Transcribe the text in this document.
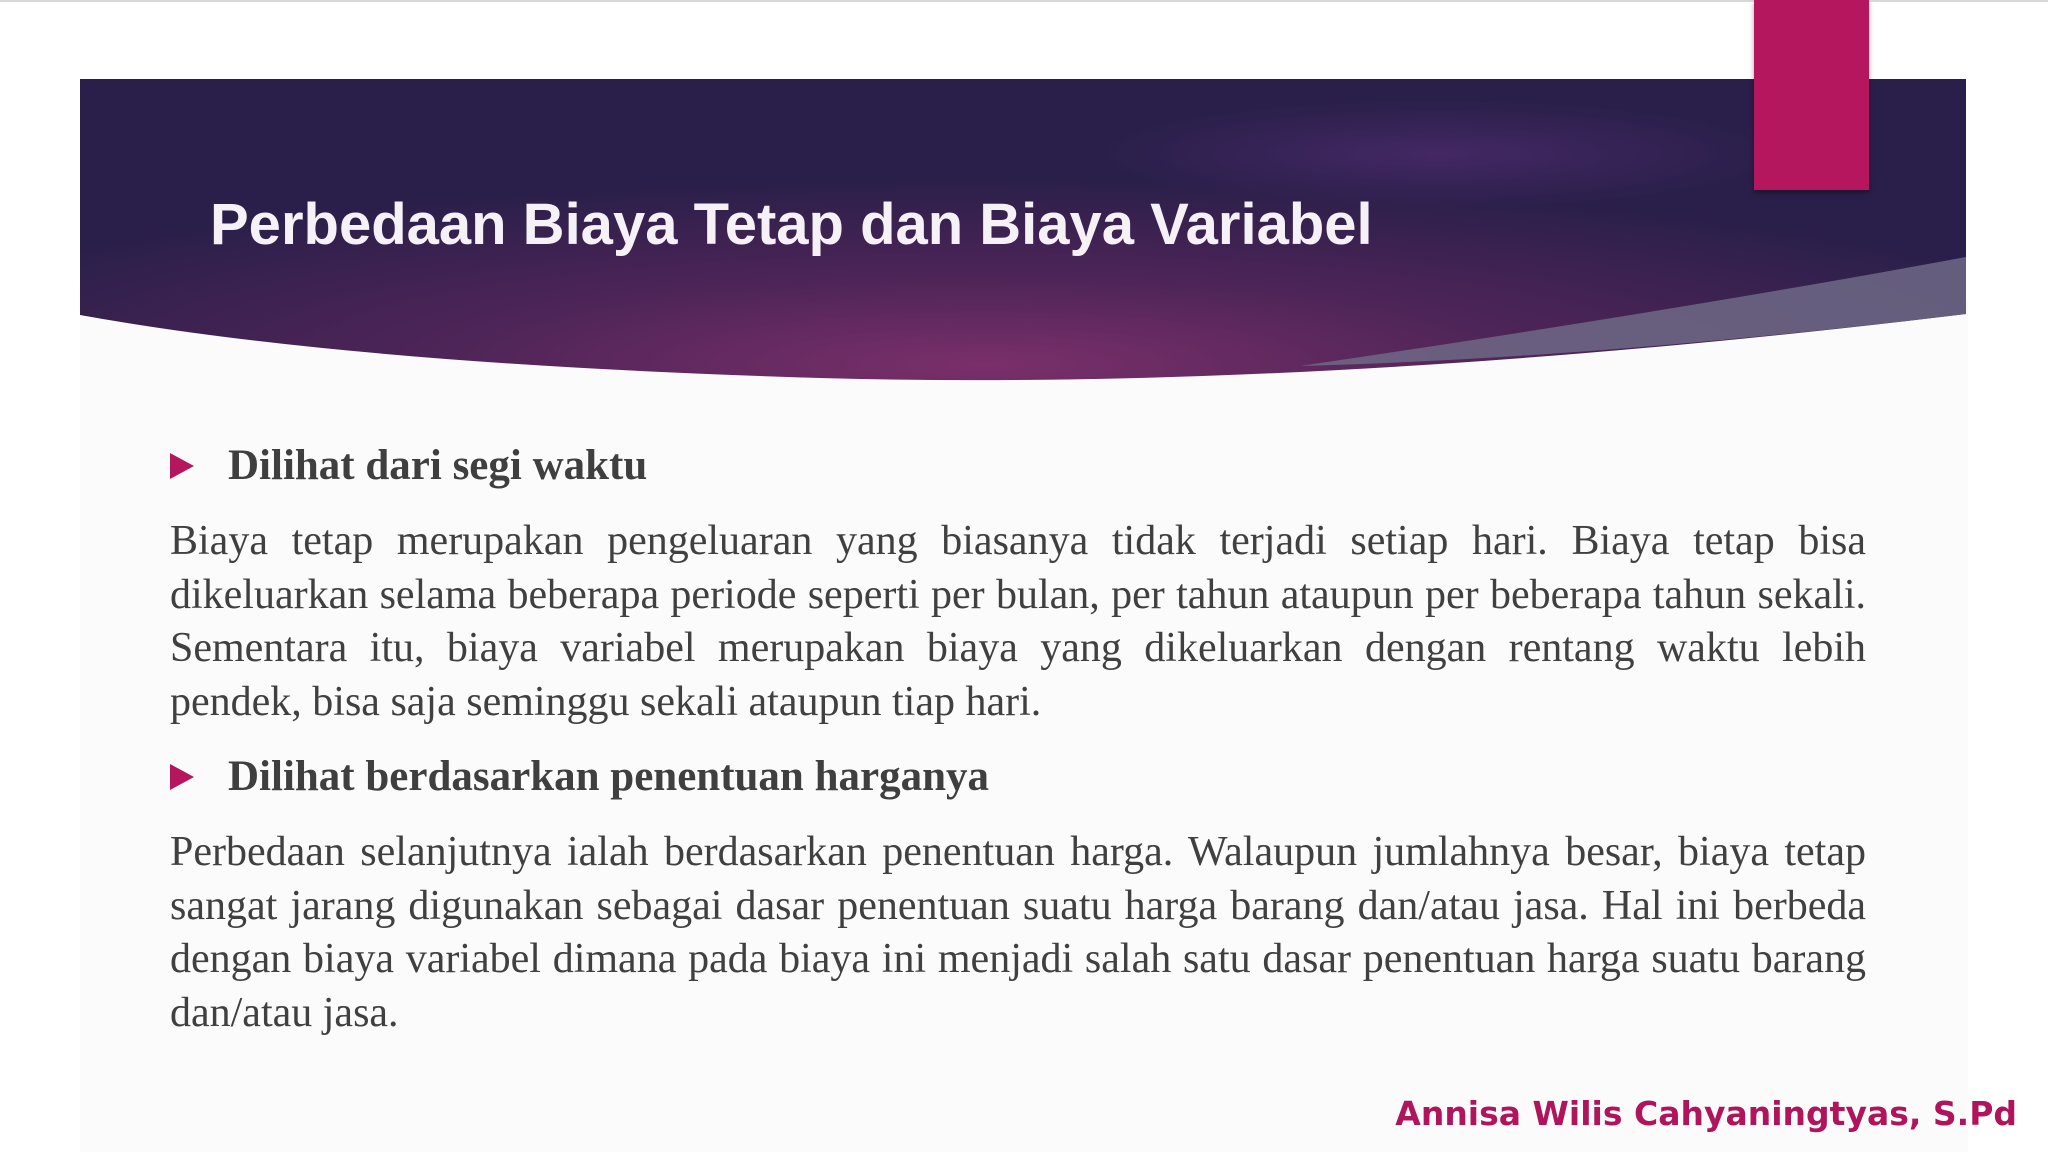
Perbedaan Biaya Tetap dan Biaya Variabel
Dilihat dari segi waktu

Biaya tetap merupakan pengeluaran yang biasanya tidak terjadi setiap hari. Biaya tetap bisa dikeluarkan selama beberapa periode seperti per bulan, per tahun ataupun per beberapa tahun sekali. Sementara itu, biaya variabel merupakan biaya yang dikeluarkan dengan rentang waktu lebih pendek, bisa saja seminggu sekali ataupun tiap hari.

Dilihat berdasarkan penentuan harganya

Perbedaan selanjutnya ialah berdasarkan penentuan harga. Walaupun jumlahnya besar, biaya tetap sangat jarang digunakan sebagai dasar penentuan suatu harga barang dan/atau jasa. Hal ini berbeda dengan biaya variabel dimana pada biaya ini menjadi salah satu dasar penentuan harga suatu barang dan/atau jasa.

Annisa Wilis Cahyaningtyas, S.Pd
